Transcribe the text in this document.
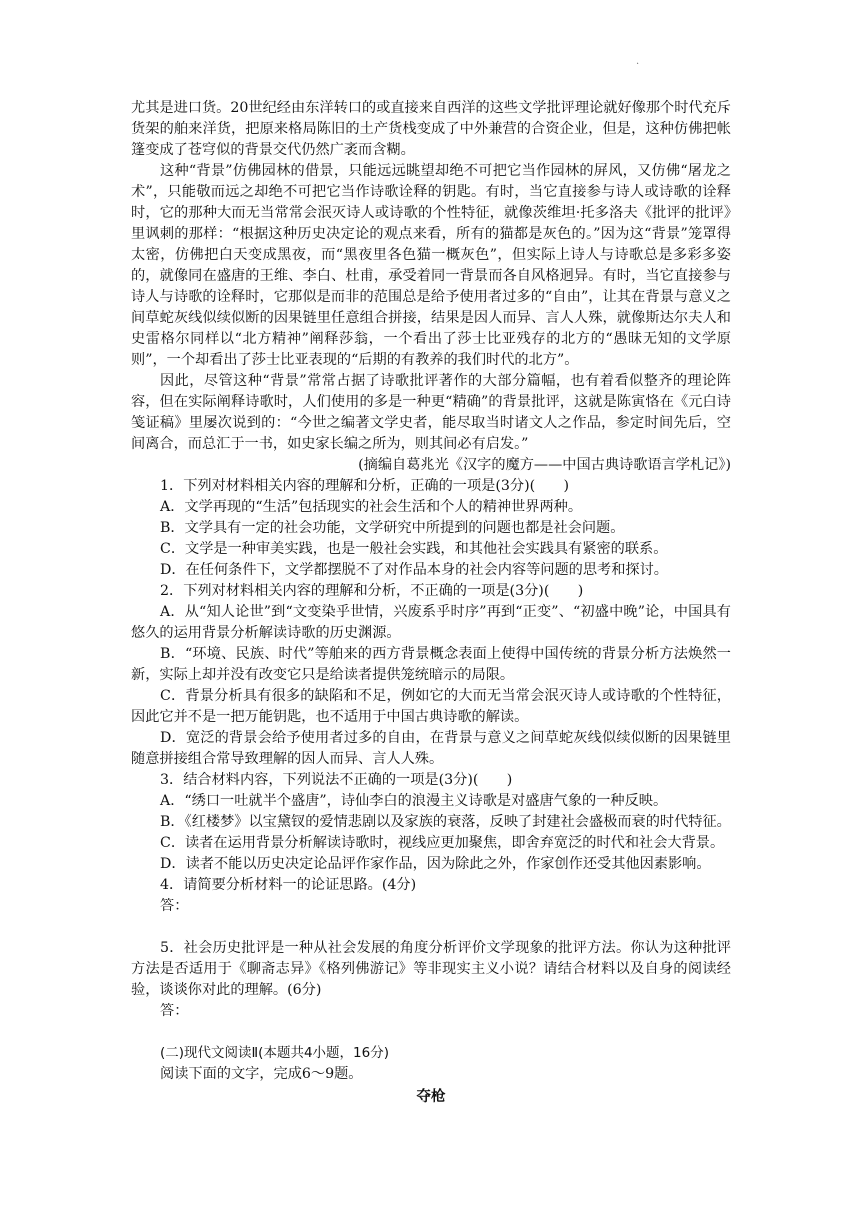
.

尤其是进口货。20世纪经由东洋转口的或直接来自西洋的这些文学批评理论就好像那个时代充斥货架的舶来洋货，把原来格局陈旧的土产货栈变成了中外兼营的合资企业，但是，这种仿佛把帐篷变成了苍穹似的背景交代仍然广袤而含糊。

这种“背景”仿佛园林的借景，只能远远眺望却绝不可把它当作园林的屏风，又仿佛“屠龙之术”，只能敬而远之却绝不可把它当作诗歌诠释的钥匙。有时，当它直接参与诗人或诗歌的诠释时，它的那种大而无当常常会泯灭诗人或诗歌的个性特征，就像茨维坦·托多洛夫《批评的批评》里讽刺的那样：“根据这种历史决定论的观点来看，所有的猫都是灰色的。”因为这“背景”笼罩得太密，仿佛把白天变成黑夜，而“黑夜里各色猫一概灰色”，但实际上诗人与诗歌总是多彩多姿的，就像同在盛唐的王维、李白、杜甫，承受着同一背景而各自风格迥异。有时，当它直接参与诗人与诗歌的诠释时，它那似是而非的范围总是给予使用者过多的“自由”，让其在背景与意义之间草蛇灰线似续似断的因果链里任意组合拼接，结果是因人而异、言人人殊，就像斯达尔夫人和史雷格尔同样以“北方精神”阐释莎翁，一个看出了莎士比亚残存的北方的“愚昧无知的文学原则”，一个却看出了莎士比亚表现的“后期的有教养的我们时代的北方”。

因此，尽管这种“背景”常常占据了诗歌批评著作的大部分篇幅，也有着看似整齐的理论阵容，但在实际阐释诗歌时，人们使用的多是一种更“精确”的背景批评，这就是陈寅恪在《元白诗笺证稿》里屡次说到的：“今世之编著文学史者，能尽取当时诸文人之作品，参定时间先后，空间离合，而总汇于一书，如史家长编之所为，则其间必有启发。”

(摘编自葛兆光《汉字的魔方——中国古典诗歌语言学札记》)

1．下列对材料相关内容的理解和分析，正确的一项是(3分)(　　)

A．文学再现的“生活”包括现实的社会生活和个人的精神世界两种。

B．文学具有一定的社会功能，文学研究中所提到的问题也都是社会问题。

C．文学是一种审美实践，也是一般社会实践，和其他社会实践具有紧密的联系。

D．在任何条件下，文学都摆脱不了对作品本身的社会内容等问题的思考和探讨。

2．下列对材料相关内容的理解和分析，不正确的一项是(3分)(　　)

A．从“知人论世”到“文变染乎世情，兴废系乎时序”再到“正变”、“初盛中晚”论，中国具有悠久的运用背景分析解读诗歌的历史渊源。

B．“环境、民族、时代”等舶来的西方背景概念表面上使得中国传统的背景分析方法焕然一新，实际上却并没有改变它只是给读者提供笼统暗示的局限。

C．背景分析具有很多的缺陷和不足，例如它的大而无当常会泯灭诗人或诗歌的个性特征，因此它并不是一把万能钥匙，也不适用于中国古典诗歌的解读。

D．宽泛的背景会给予使用者过多的自由，在背景与意义之间草蛇灰线似续似断的因果链里随意拼接组合常导致理解的因人而异、言人人殊。

3．结合材料内容，下列说法不正确的一项是(3分)(　　)

A．“绣口一吐就半个盛唐”，诗仙李白的浪漫主义诗歌是对盛唐气象的一种反映。

B．《红楼梦》以宝黛钗的爱情悲剧以及家族的衰落，反映了封建社会盛极而衰的时代特征。

C．读者在运用背景分析解读诗歌时，视线应更加聚焦，即舍弃宽泛的时代和社会大背景。

D．读者不能以历史决定论品评作家作品，因为除此之外，作家创作还受其他因素影响。

4．请简要分析材料一的论证思路。(4分)

答：

5．社会历史批评是一种从社会发展的角度分析评价文学现象的批评方法。你认为这种批评方法是否适用于《聊斋志异》《格列佛游记》等非现实主义小说？请结合材料以及自身的阅读经验，谈谈你对此的理解。(6分)

答：

(二)现代文阅读Ⅱ(本题共4小题，16分)

阅读下面的文字，完成6～9题。

夺枪
